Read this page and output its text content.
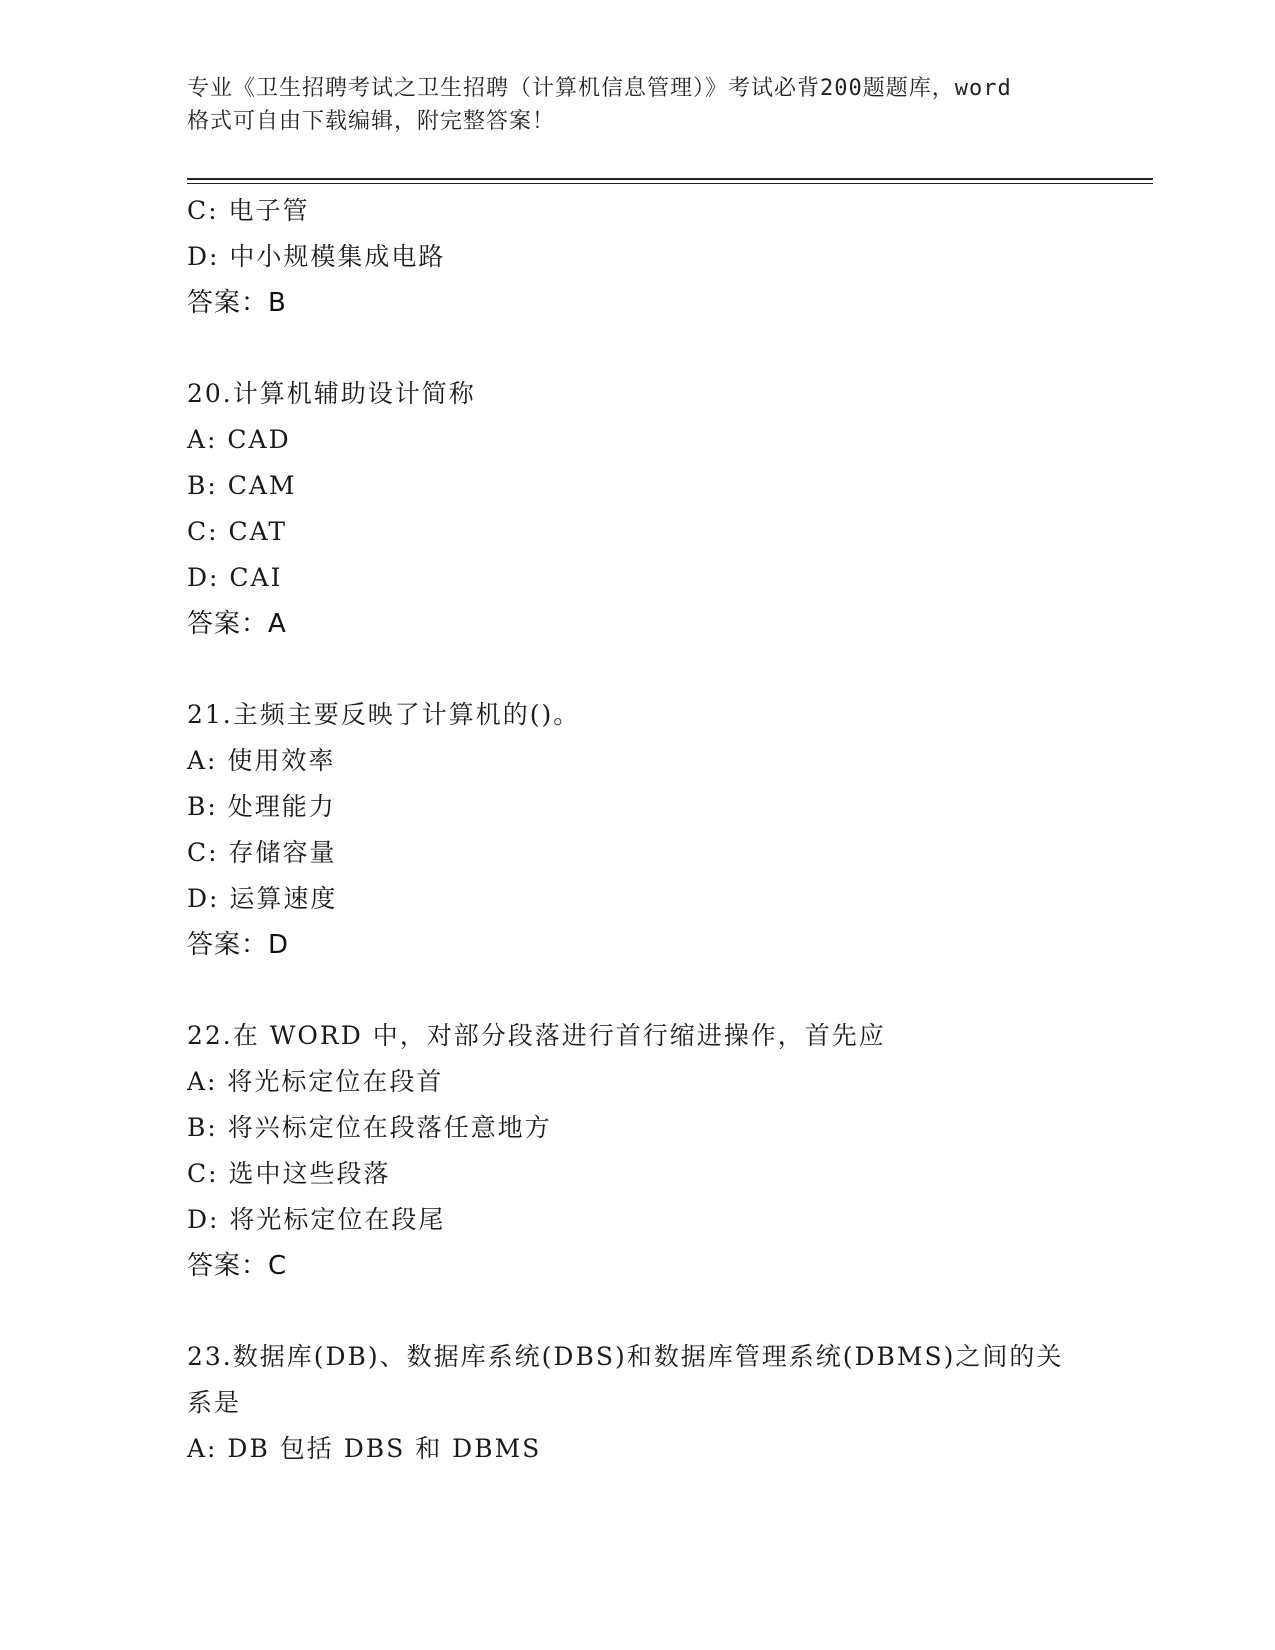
专业《卫生招聘考试之卫生招聘（计算机信息管理）》考试必背200题题库，word
格式可自由下载编辑，附完整答案！
C: 电子管
D: 中小规模集成电路
答案：B
20.计算机辅助设计简称
A: CAD
B: CAM
C: CAT
D: CAI
答案：A
21.主频主要反映了计算机的()。
A: 使用效率
B: 处理能力
C: 存储容量
D: 运算速度
答案：D
22.在 WORD 中，对部分段落进行首行缩进操作，首先应
A: 将光标定位在段首
B: 将兴标定位在段落任意地方
C: 选中这些段落
D: 将光标定位在段尾
答案：C
23.数据库(DB)、数据库系统(DBS)和数据库管理系统(DBMS)之间的关
系是
A: DB 包括 DBS 和 DBMS
